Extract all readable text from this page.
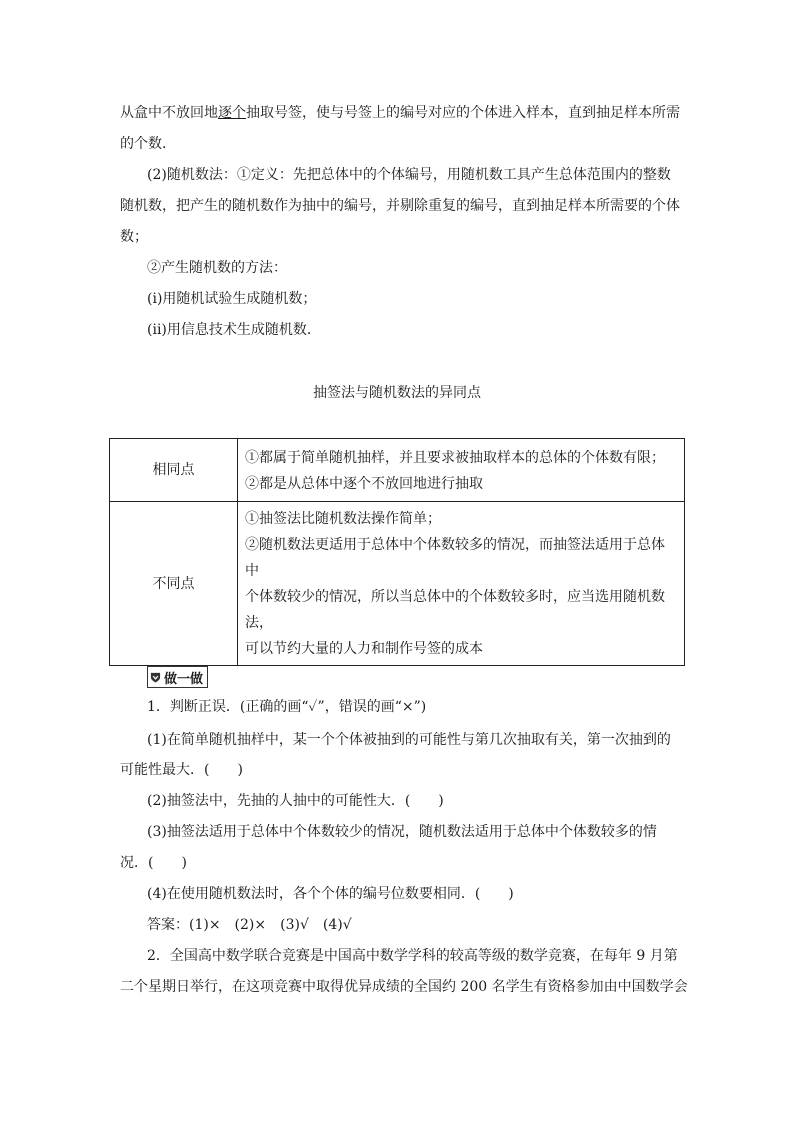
从盒中不放回地逐个抽取号签，使与号签上的编号对应的个体进入样本，直到抽足样本所需
的个数．
(2)随机数法：①定义：先把总体中的个体编号，用随机数工具产生总体范围内的整数
随机数，把产生的随机数作为抽中的编号，并剔除重复的编号，直到抽足样本所需要的个体
数；
②产生随机数的方法：
(ⅰ)用随机试验生成随机数；
(ⅱ)用信息技术生成随机数．
抽签法与随机数法的异同点
相同点	①都属于简单随机抽样，并且要求被抽取样本的总体的个体数有限；
②都是从总体中逐个不放回地进行抽取

不同点	①抽签法比随机数法操作简单；
②随机数法更适用于总体中个体数较多的情况，而抽签法适用于总体中
个体数较少的情况，所以当总体中的个体数较多时，应当选用随机数法，
可以节约大量的人力和制作号签的成本
做一做
1．判断正误．(正确的画“✓”，错误的画“×”)
(1)在简单随机抽样中，某一个个体被抽到的可能性与第几次抽取有关，第一次抽到的
可能性最大．(　　)
(2)抽签法中，先抽的人抽中的可能性大．(　　)
(3)抽签法适用于总体中个体数较少的情况，随机数法适用于总体中个体数较多的情
况．(　　)
(4)在使用随机数法时，各个个体的编号位数要相同．(　　)
答案：(1)×　(2)×　(3)√　(4)√
2．全国高中数学联合竞赛是中国高中数学学科的较高等级的数学竞赛，在每年 9 月第
二个星期日举行，在这项竞赛中取得优异成绩的全国约 200 名学生有资格参加由中国数学会
